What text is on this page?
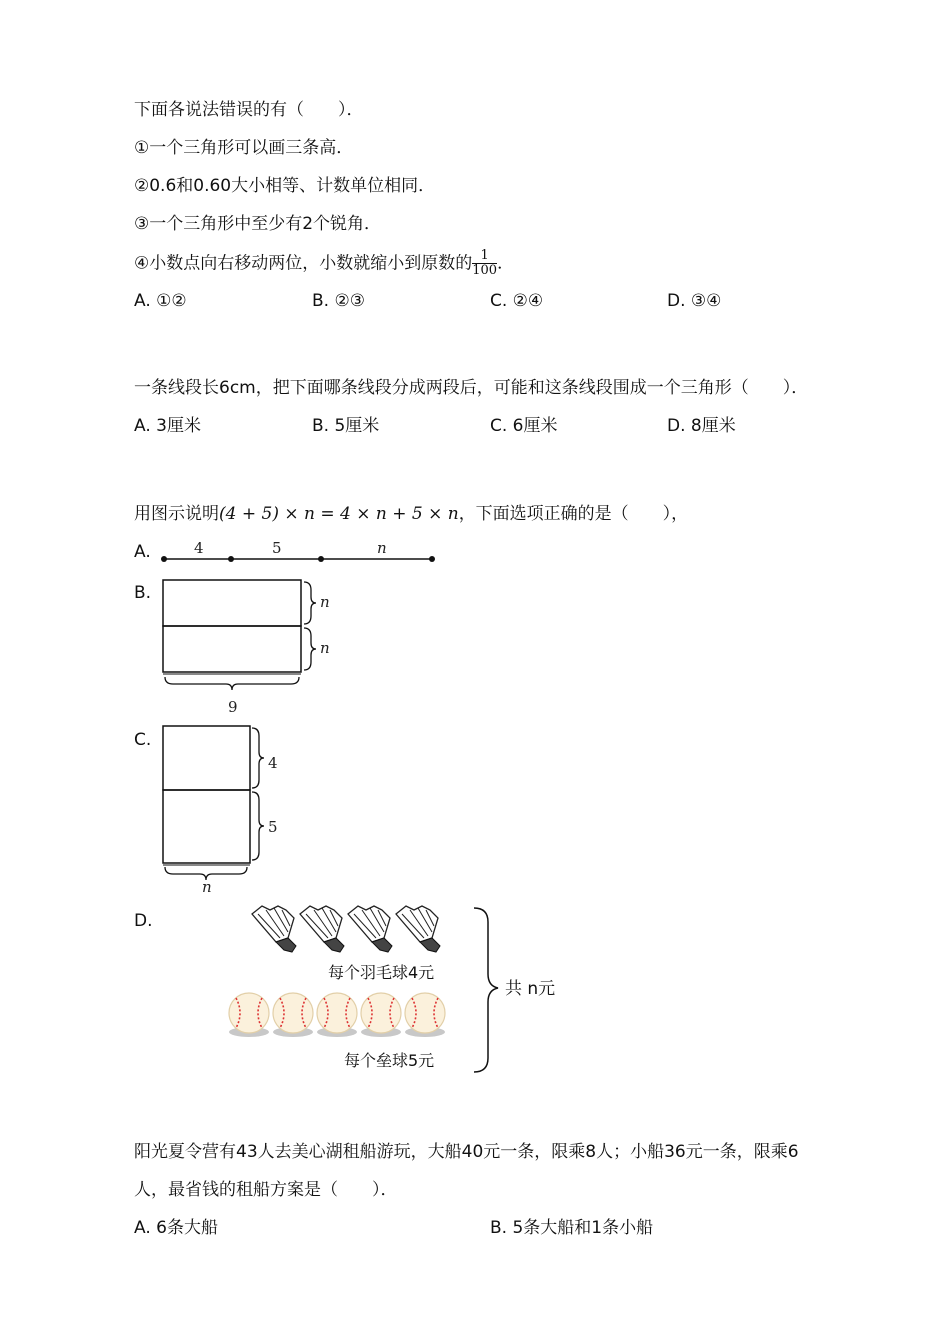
下面各说法错误的有（　　）．
①一个三角形可以画三条高．
②0.6和0.60大小相等、计数单位相同．
③一个三角形中至少有2个锐角．
④小数点向右移动两位，小数就缩小到原数的 $\frac{1}{100}$ ．
A. ①②	B. ②③	C. ②④	D. ③④
一条线段长6cm，把下面哪条线段分成两段后，可能和这条线段围成一个三角形（　　）．
A. 3厘米	B. 5厘米	C. 6厘米	D. 8厘米
用图示说明(4 + 5) × n = 4 × n + 5 × n，下面选项正确的是（　　），
A.
B.
C.
D.
4	5	n
n
n
9
4
5
n
每个羽毛球4元
每个垒球5元
共 n元
阳光夏令营有43人去美心湖租船游玩，大船40元一条，限乘8人；小船36元一条，限乘6
人，最省钱的租船方案是（　　）．
A. 6条大船	B. 5条大船和1条小船
